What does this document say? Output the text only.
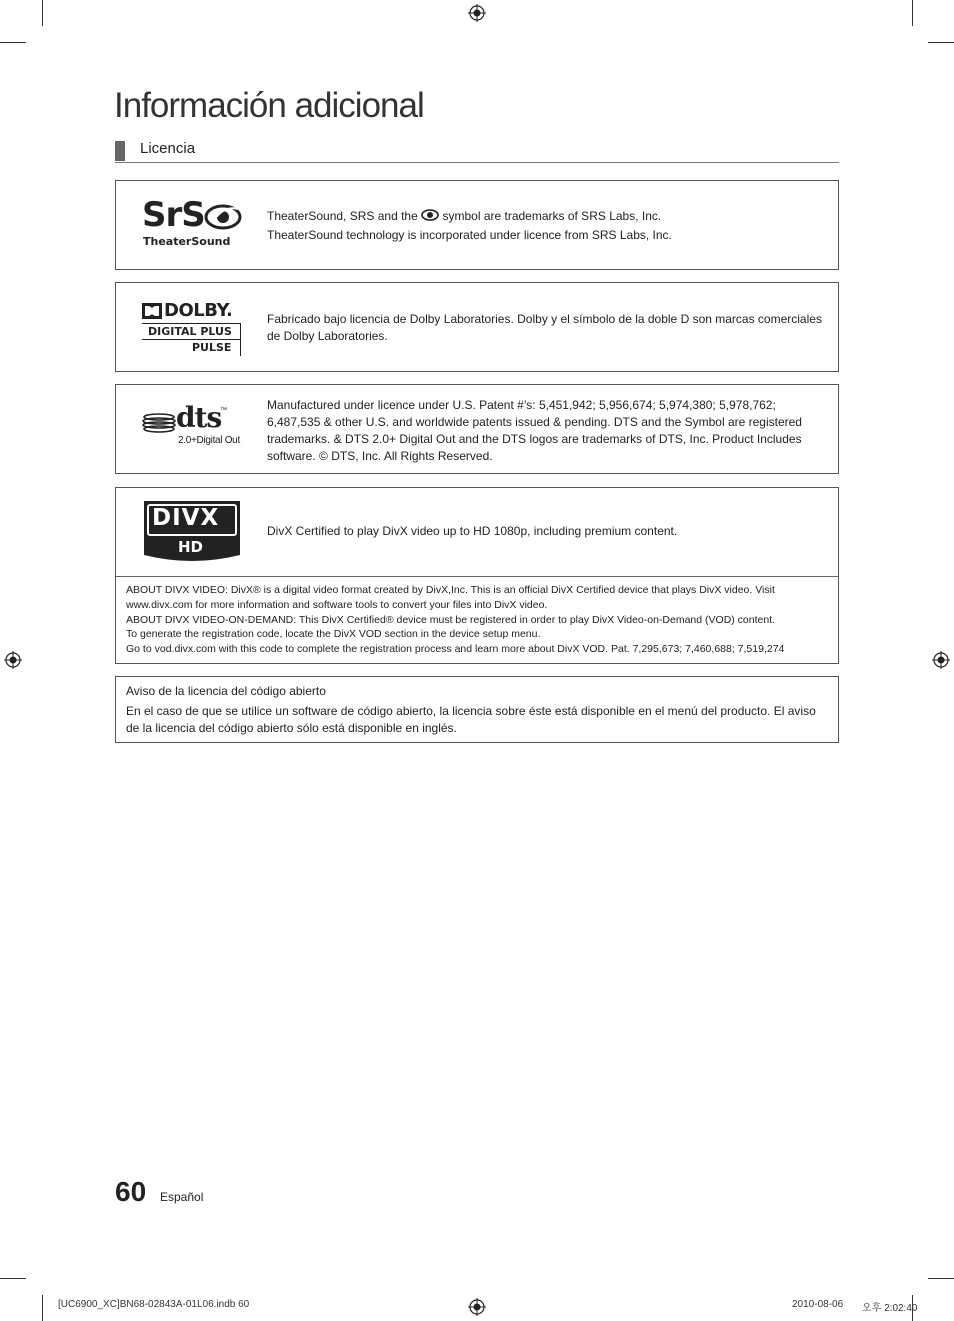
Información adicional
Licencia
SrS
TheaterSound
TheaterSound, SRS and the symbol are trademarks of SRS Labs, Inc.
TheaterSound technology is incorporated under licence from SRS Labs, Inc.
DOLBY.
DIGITAL PLUS
PULSE
Fabricado bajo licencia de Dolby Laboratories. Dolby y el símbolo de la doble D son marcas comerciales de Dolby Laboratories.
dts
™
2.0+Digital Out
Manufactured under licence under U.S. Patent #’s: 5,451,942; 5,956,674; 5,974,380; 5,978,762; 6,487,535 & other U.S. and worldwide patents issued & pending. DTS and the Symbol are registered trademarks. & DTS 2.0+ Digital Out and the DTS logos are trademarks of DTS, Inc. Product Includes software. © DTS, Inc. All Rights Reserved.
DIVX
HD
DivX Certified to play DivX video up to HD 1080p, including premium content.
ABOUT DIVX VIDEO: DivX® is a digital video format created by DivX,Inc. This is an official DivX Certified device that plays DivX video. Visit www.divx.com for more information and software tools to convert your files into DivX video.
ABOUT DIVX VIDEO-ON-DEMAND: This DivX Certified® device must be registered in order to play DivX Video-on-Demand (VOD) content.
To generate the registration code, locate the DivX VOD section in the device setup menu.
Go to vod.divx.com with this code to complete the registration process and learn more about DivX VOD. Pat. 7,295,673; 7,460,688; 7,519,274
Aviso de la licencia del código abierto
En el caso de que se utilice un software de código abierto, la licencia sobre éste está disponible en el menú del producto. El aviso de la licencia del código abierto sólo está disponible en inglés.
60 Español
[UC6900_XC]BN68-02843A-01L06.indb 60	2010-08-06 오후 2:02:40
